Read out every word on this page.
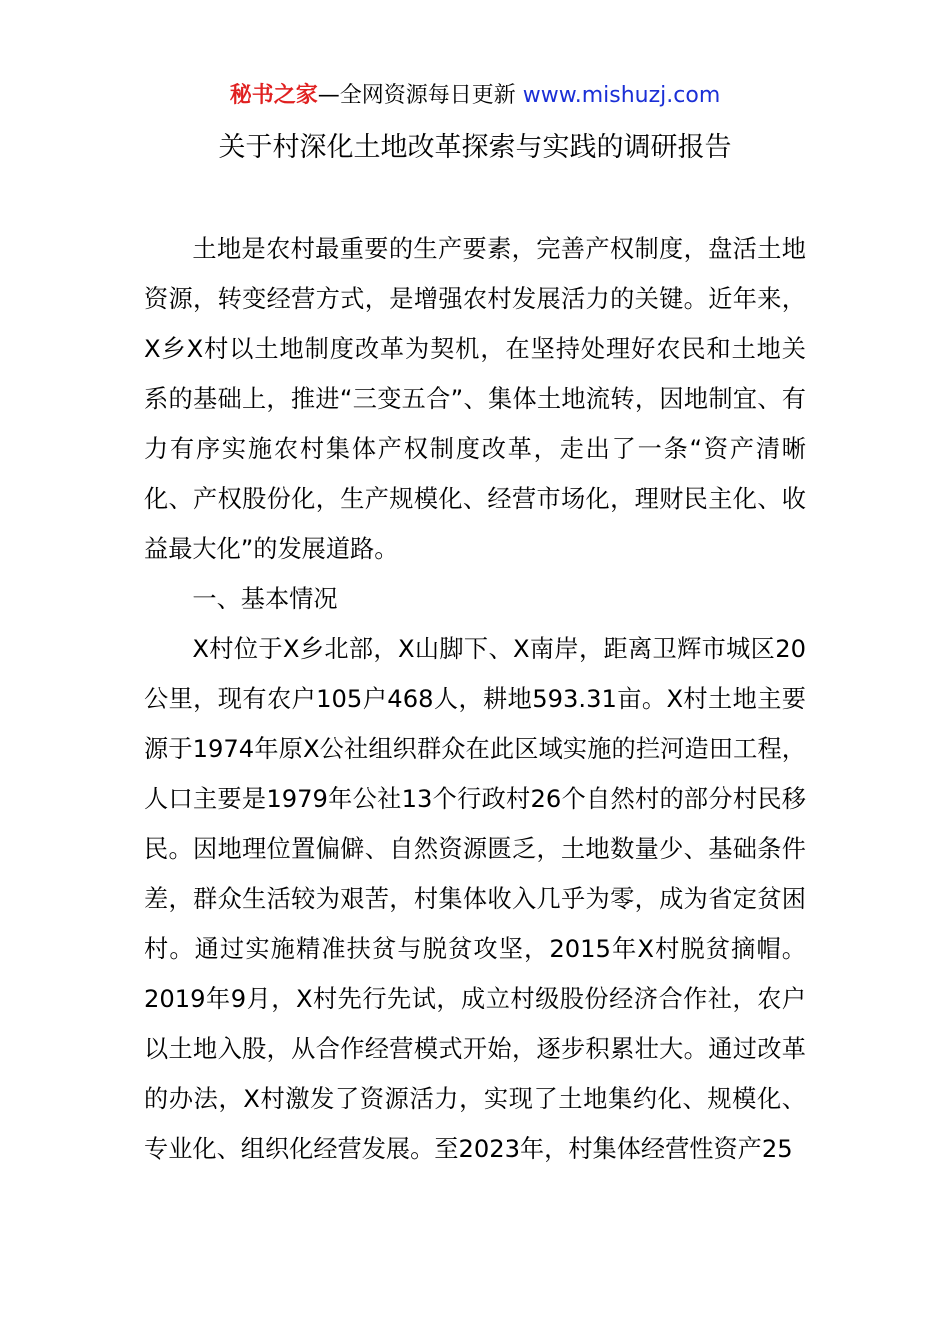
秘书之家—全网资源每日更新 www.mishuzj.com
关于村深化土地改革探索与实践的调研报告

土地是农村最重要的生产要素，完善产权制度，盘活土地资源，转变经营方式，是增强农村发展活力的关键。近年来，X乡X村以土地制度改革为契机，在坚持处理好农民和土地关系的基础上，推进“三变五合”、集体土地流转，因地制宜、有力有序实施农村集体产权制度改革，走出了一条“资产清晰化、产权股份化，生产规模化、经营市场化，理财民主化、收益最大化”的发展道路。

一、基本情况

X村位于X乡北部，X山脚下、X南岸，距离卫辉市城区20公里，现有农户105户468人，耕地593.31亩。X村土地主要源于1974年原X公社组织群众在此区域实施的拦河造田工程，人口主要是1979年公社13个行政村26个自然村的部分村民移民。因地理位置偏僻、自然资源匮乏，土地数量少、基础条件差，群众生活较为艰苦，村集体收入几乎为零，成为省定贫困村。通过实施精准扶贫与脱贫攻坚，2015年X村脱贫摘帽。2019年9月，X村先行先试，成立村级股份经济合作社，农户以土地入股，从合作经营模式开始，逐步积累壮大。通过改革的办法，X村激发了资源活力，实现了土地集约化、规模化、专业化、组织化经营发展。至2023年，村集体经营性资产25
